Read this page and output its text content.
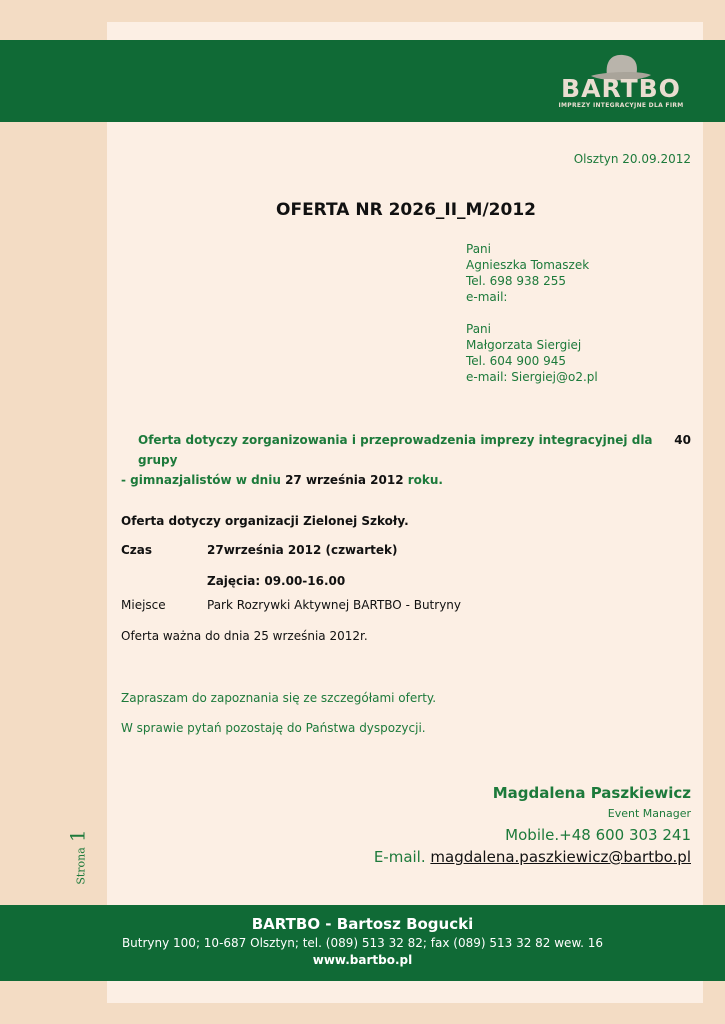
BARTBO
IMPREZY INTEGRACYJNE DLA FIRM
Olsztyn 20.09.2012
OFERTA NR 2026_II_M/2012
Pani
Agnieszka Tomaszek
Tel. 698 938 255
e-mail:
Pani
Małgorzata Siergiej
Tel. 604 900 945
e-mail: Siergiej@o2.pl
Oferta dotyczy zorganizowania i przeprowadzenia imprezy integracyjnej dla grupy
40
- gimnazjalistów w dniu 27 września 2012 roku.
Oferta dotyczy organizacji Zielonej Szkoły.
Czas	27września 2012 (czwartek)
Zajęcia: 09.00-16.00
Miejsce	Park Rozrywki Aktywnej BARTBO - Butryny
Oferta ważna do dnia 25 września 2012r.
Zapraszam do zapoznania się ze szczegółami oferty.
W sprawie pytań pozostaję do Państwa dyspozycji.
Magdalena Paszkiewicz
Event Manager
Mobile.+48 600 303 241
E-mail. magdalena.paszkiewicz@bartbo.pl
Strona 1
BARTBO - Bartosz Bogucki
Butryny 100; 10-687 Olsztyn; tel. (089) 513 32 82; fax (089) 513 32 82 wew. 16
www.bartbo.pl
